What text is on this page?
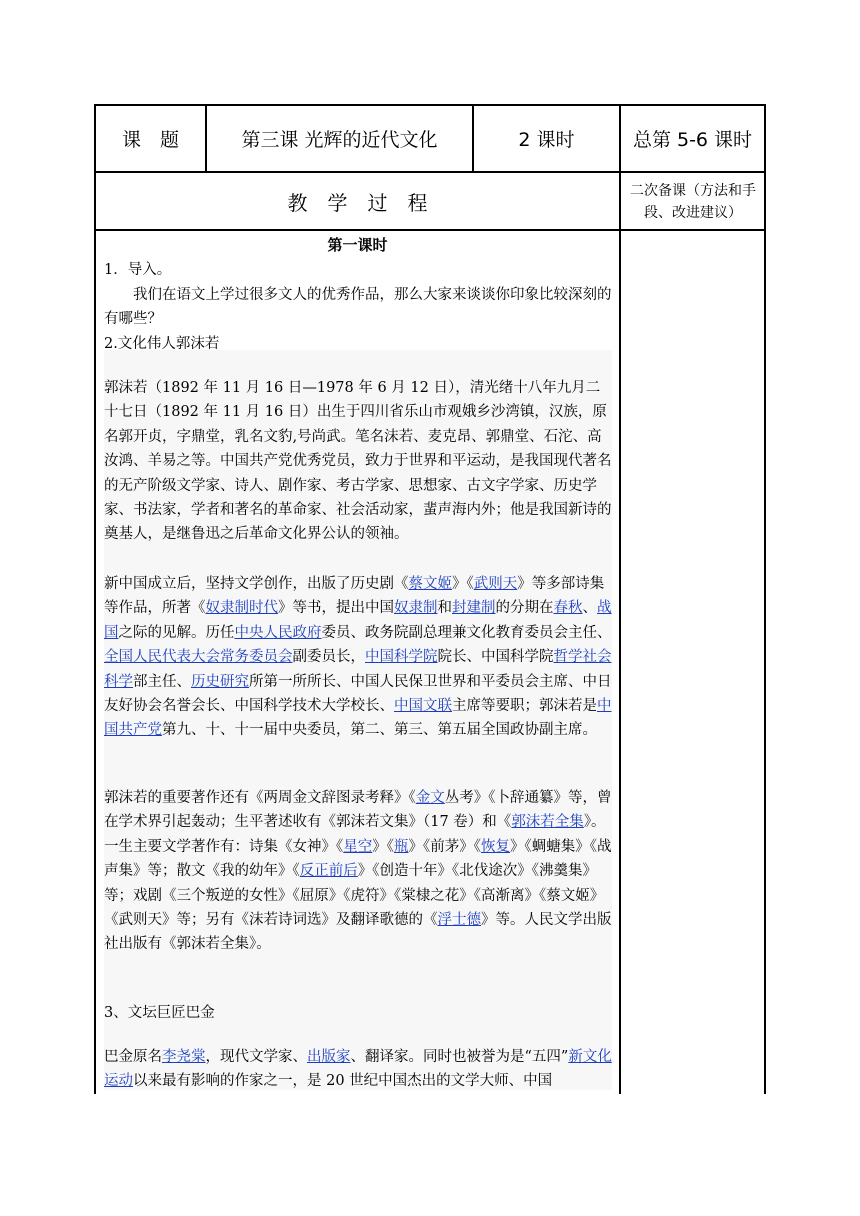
课　题	第三课 光辉的近代文化	2 课时	总第 5-6 课时
教　学　过　程	二次备课（方法和手段、改进建议）
第一课时
1．导入。
我们在语文上学过很多文人的优秀作品，那么大家来谈谈你印象比较深刻的有哪些？
2.文化伟人郭沫若
郭沫若（1892 年 11 月 16 日—1978 年 6 月 12 日），清光绪十八年九月二十七日（1892 年 11 月 16 日）出生于四川省乐山市观娥乡沙湾镇，汉族，原名郭开贞，字鼎堂，乳名文豹,号尚武。笔名沫若、麦克昂、郭鼎堂、石沱、高汝鸿、羊易之等。中国共产党优秀党员，致力于世界和平运动，是我国现代著名的无产阶级文学家、诗人、剧作家、考古学家、思想家、古文字学家、历史学家、书法家，学者和著名的革命家、社会活动家，蜚声海内外；他是我国新诗的奠基人，是继鲁迅之后革命文化界公认的领袖。
新中国成立后，坚持文学创作，出版了历史剧《蔡文姬》《武则天》等多部诗集等作品，所著《奴隶制时代》等书，提出中国奴隶制和封建制的分期在春秋、战国之际的见解。历任中央人民政府委员、政务院副总理兼文化教育委员会主任、全国人民代表大会常务委员会副委员长，中国科学院院长、中国科学院哲学社会科学部主任、历史研究所第一所所长、中国人民保卫世界和平委员会主席、中日友好协会名誉会长、中国科学技术大学校长、中国文联主席等要职；郭沫若是中国共产党第九、十、十一届中央委员，第二、第三、第五届全国政协副主席。
郭沫若的重要著作还有《两周金文辞图录考释》《金文丛考》《卜辞通纂》等，曾在学术界引起轰动；生平著述收有《郭沫若文集》（17 卷）和《郭沫若全集》。一生主要文学著作有：诗集《女神》《星空》《瓶》《前茅》《恢复》《蜩螗集》《战声集》等；散文《我的幼年》《反正前后》《创造十年》《北伐途次》《沸羹集》等；戏剧《三个叛逆的女性》《屈原》《虎符》《棠棣之花》《高渐离》《蔡文姬》《武则天》等；另有《沫若诗词选》及翻译歌德的《浮士德》等。人民文学出版社出版有《郭沫若全集》。
3、文坛巨匠巴金
巴金原名李尧棠，现代文学家、出版家、翻译家。同时也被誉为是“五四”新文化运动以来最有影响的作家之一，是 20 世纪中国杰出的文学大师、中国
